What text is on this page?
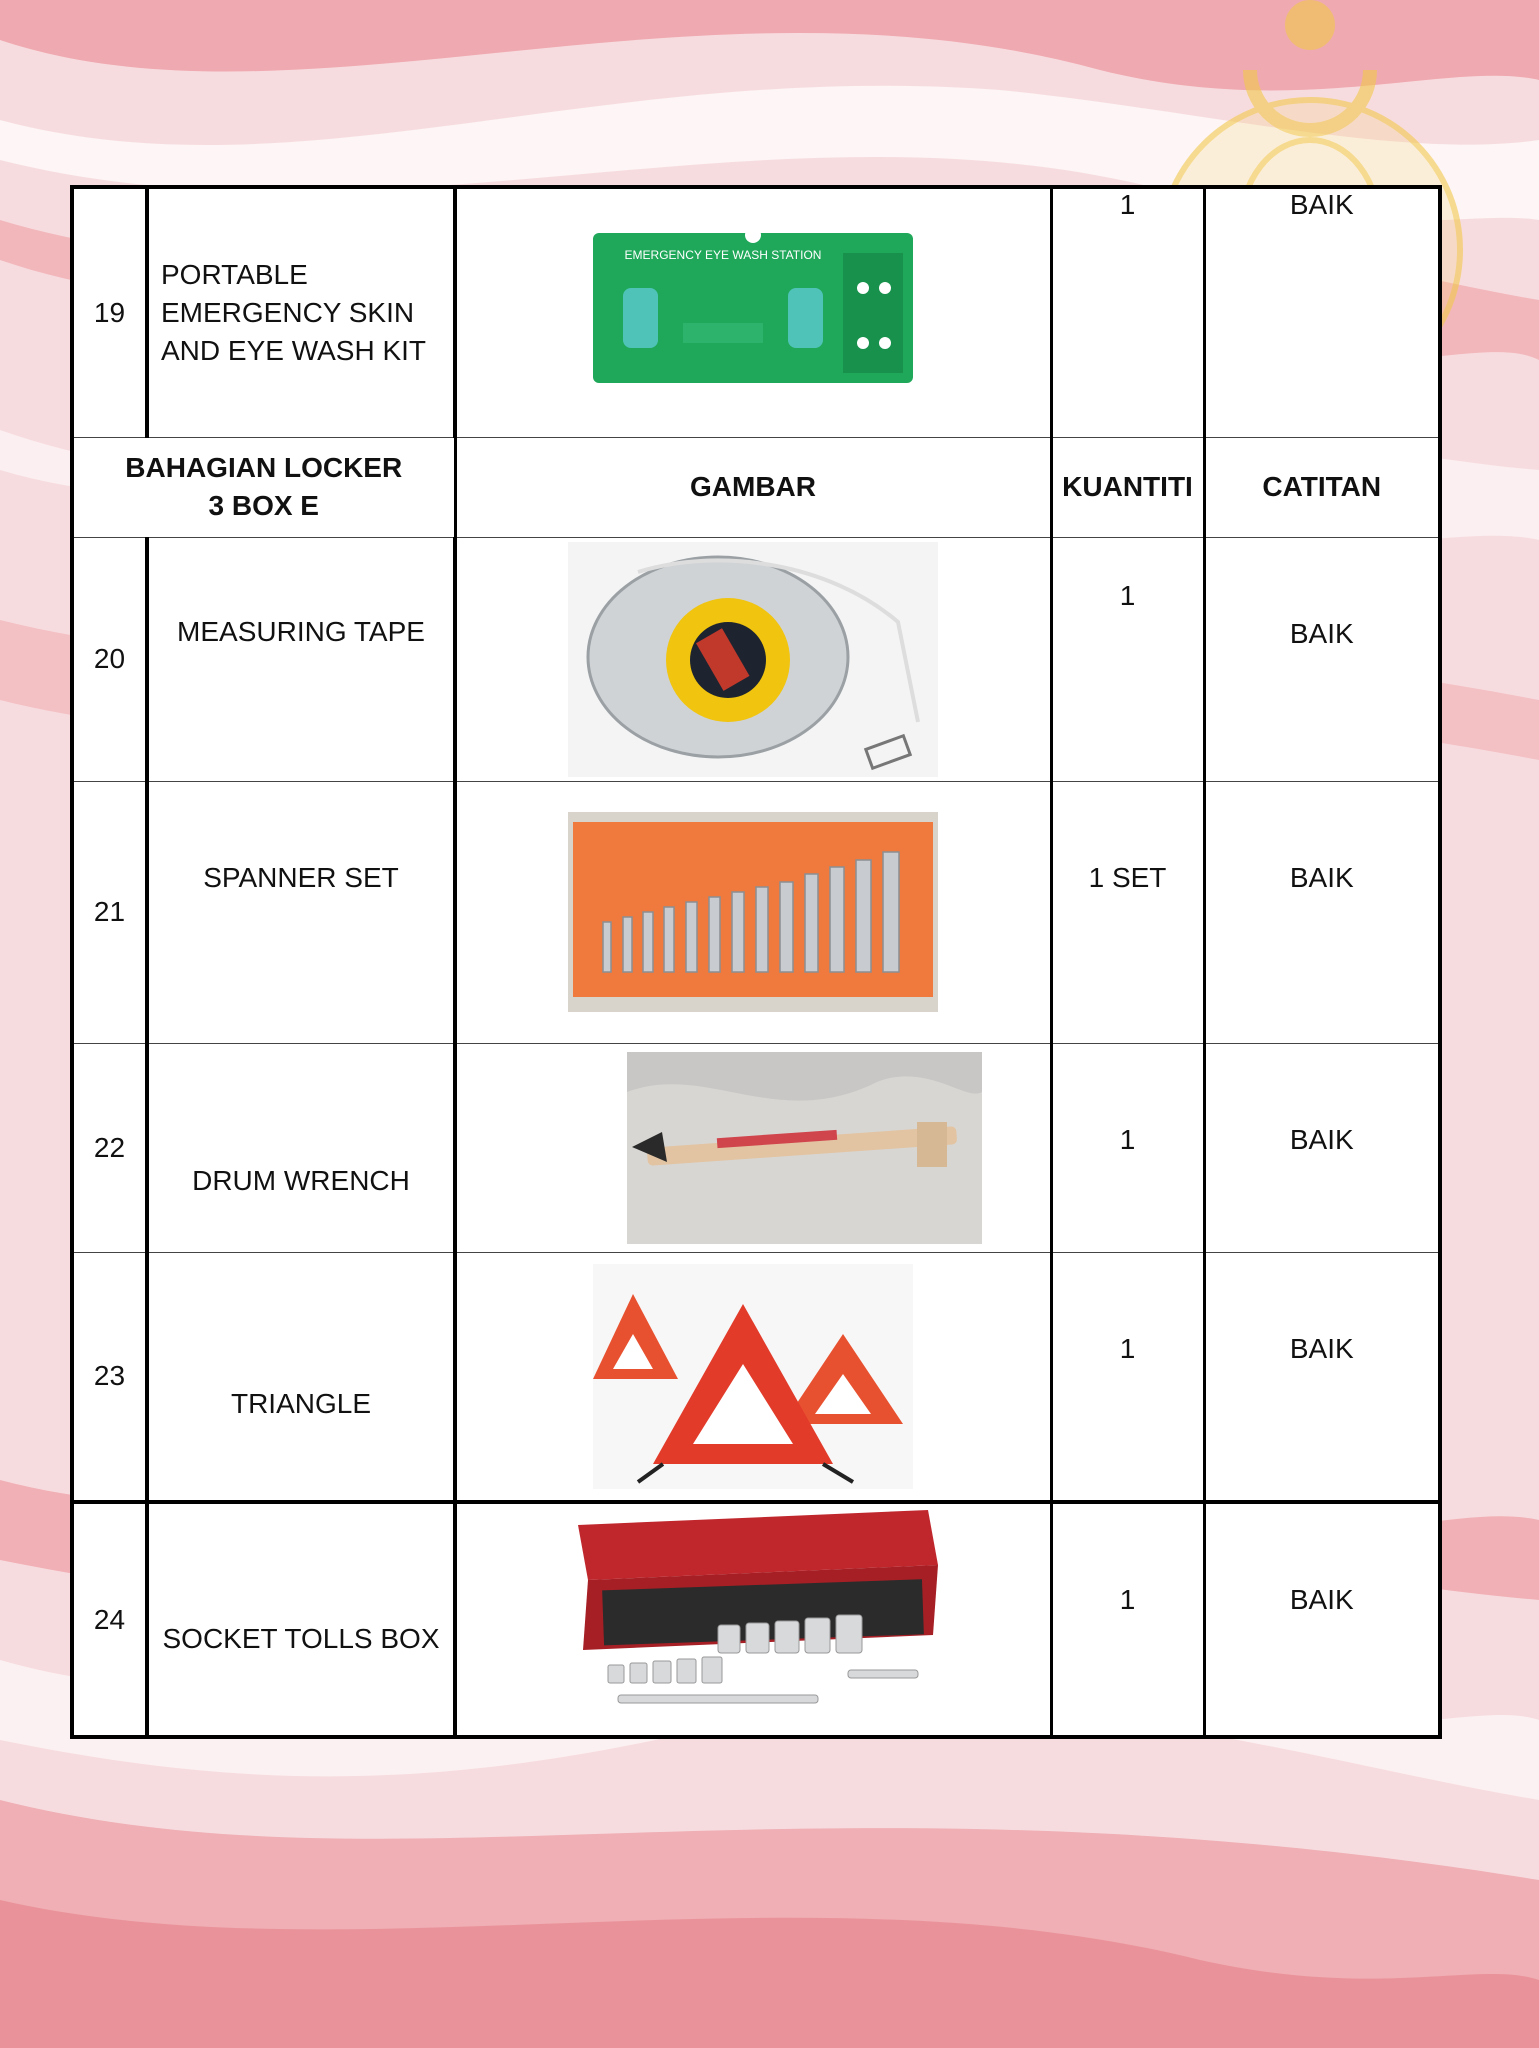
19	PORTABLE EMERGENCY SKIN AND EYE WASH KIT	EMERGENCY EYE WASH STATION	1	BAIK
BAHAGIAN LOCKER 3 BOX E		GAMBAR	KUANTITI	CATITAN
20	MEASURING TAPE		1	BAIK
21	SPANNER SET		1 SET	BAIK
22	DRUM WRENCH		1	BAIK
23	TRIANGLE		1	BAIK
24	SOCKET TOLLS BOX		1	BAIK
